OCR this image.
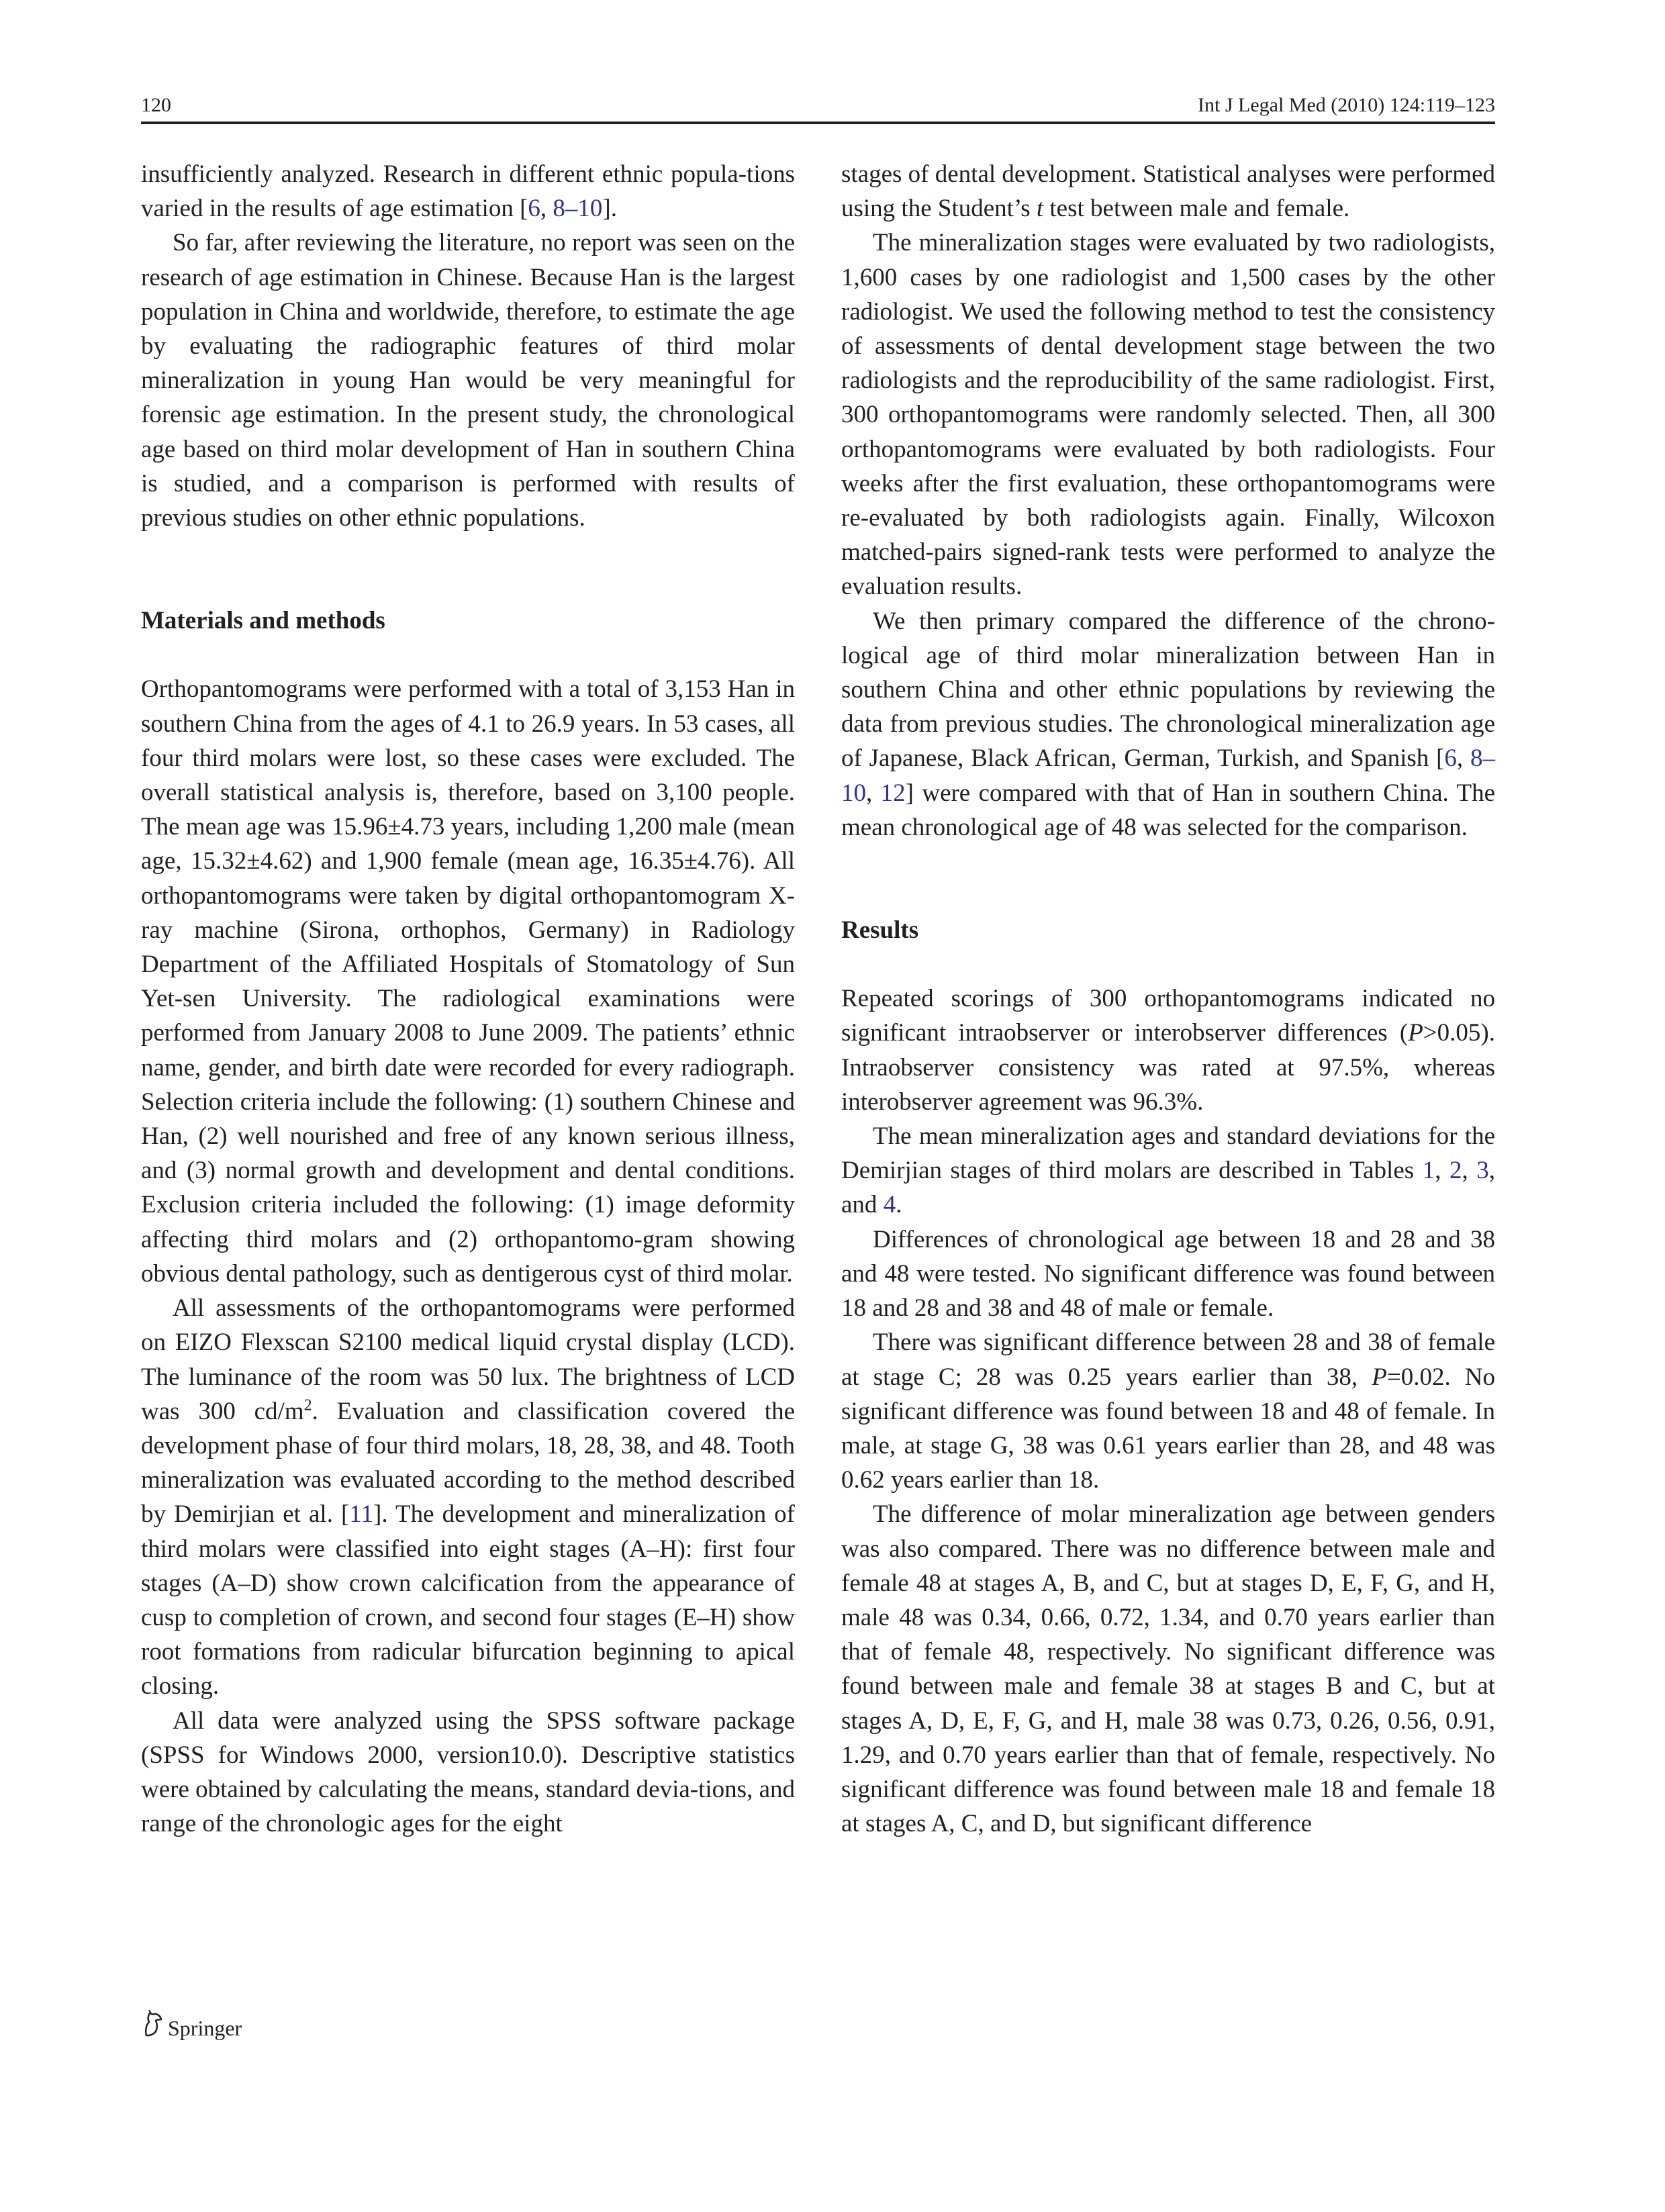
120	Int J Legal Med (2010) 124:119–123

insufficiently analyzed. Research in different ethnic popula-tions varied in the results of age estimation [6, 8–10].

So far, after reviewing the literature, no report was seen on the research of age estimation in Chinese. Because Han is the largest population in China and worldwide, therefore, to estimate the age by evaluating the radiographic features of third molar mineralization in young Han would be very meaningful for forensic age estimation. In the present study, the chronological age based on third molar development of Han in southern China is studied, and a comparison is performed with results of previous studies on other ethnic populations.

Materials and methods

Orthopantomograms were performed with a total of 3,153 Han in southern China from the ages of 4.1 to 26.9 years. In 53 cases, all four third molars were lost, so these cases were excluded. The overall statistical analysis is, therefore, based on 3,100 people. The mean age was 15.96±4.73 years, including 1,200 male (mean age, 15.32±4.62) and 1,900 female (mean age, 16.35±4.76). All orthopantomograms were taken by digital orthopantomogram X-ray machine (Sirona, orthophos, Germany) in Radiology Department of the Affiliated Hospitals of Stomatology of Sun Yet-sen University. The radiological examinations were performed from January 2008 to June 2009. The patients’ ethnic name, gender, and birth date were recorded for every radiograph. Selection criteria include the following: (1) southern Chinese and Han, (2) well nourished and free of any known serious illness, and (3) normal growth and development and dental conditions. Exclusion criteria included the following: (1) image deformity affecting third molars and (2) orthopantomo-gram showing obvious dental pathology, such as dentigerous cyst of third molar.

All assessments of the orthopantomograms were performed on EIZO Flexscan S2100 medical liquid crystal display (LCD). The luminance of the room was 50 lux. The brightness of LCD was 300 $cd/m^2$. Evaluation and classification covered the development phase of four third molars, 18, 28, 38, and 48. Tooth mineralization was evaluated according to the method described by Demirjian et al. [11]. The development and mineralization of third molars were classified into eight stages (A–H): first four stages (A–D) show crown calcification from the appearance of cusp to completion of crown, and second four stages (E–H) show root formations from radicular bifurcation beginning to apical closing.

All data were analyzed using the SPSS software package (SPSS for Windows 2000, version10.0). Descriptive statistics were obtained by calculating the means, standard devia-tions, and range of the chronologic ages for the eight

stages of dental development. Statistical analyses were performed using the Student’s t test between male and female.

The mineralization stages were evaluated by two radiologists, 1,600 cases by one radiologist and 1,500 cases by the other radiologist. We used the following method to test the consistency of assessments of dental development stage between the two radiologists and the reproducibility of the same radiologist. First, 300 orthopantomograms were randomly selected. Then, all 300 orthopantomograms were evaluated by both radiologists. Four weeks after the first evaluation, these orthopantomograms were re-evaluated by both radiologists again. Finally, Wilcoxon matched-pairs signed-rank tests were performed to analyze the evaluation results.

We then primary compared the difference of the chrono-logical age of third molar mineralization between Han in southern China and other ethnic populations by reviewing the data from previous studies. The chronological mineralization age of Japanese, Black African, German, Turkish, and Spanish [6, 8–10, 12] were compared with that of Han in southern China. The mean chronological age of 48 was selected for the comparison.

Results

Repeated scorings of 300 orthopantomograms indicated no significant intraobserver or interobserver differences (P>0.05). Intraobserver consistency was rated at 97.5%, whereas interobserver agreement was 96.3%.

The mean mineralization ages and standard deviations for the Demirjian stages of third molars are described in Tables 1, 2, 3, and 4.

Differences of chronological age between 18 and 28 and 38 and 48 were tested. No significant difference was found between 18 and 28 and 38 and 48 of male or female.

There was significant difference between 28 and 38 of female at stage C; 28 was 0.25 years earlier than 38, P=0.02. No significant difference was found between 18 and 48 of female. In male, at stage G, 38 was 0.61 years earlier than 28, and 48 was 0.62 years earlier than 18.

The difference of molar mineralization age between genders was also compared. There was no difference between male and female 48 at stages A, B, and C, but at stages D, E, F, G, and H, male 48 was 0.34, 0.66, 0.72, 1.34, and 0.70 years earlier than that of female 48, respectively. No significant difference was found between male and female 38 at stages B and C, but at stages A, D, E, F, G, and H, male 38 was 0.73, 0.26, 0.56, 0.91, 1.29, and 0.70 years earlier than that of female, respectively. No significant difference was found between male 18 and female 18 at stages A, C, and D, but significant difference

Springer
